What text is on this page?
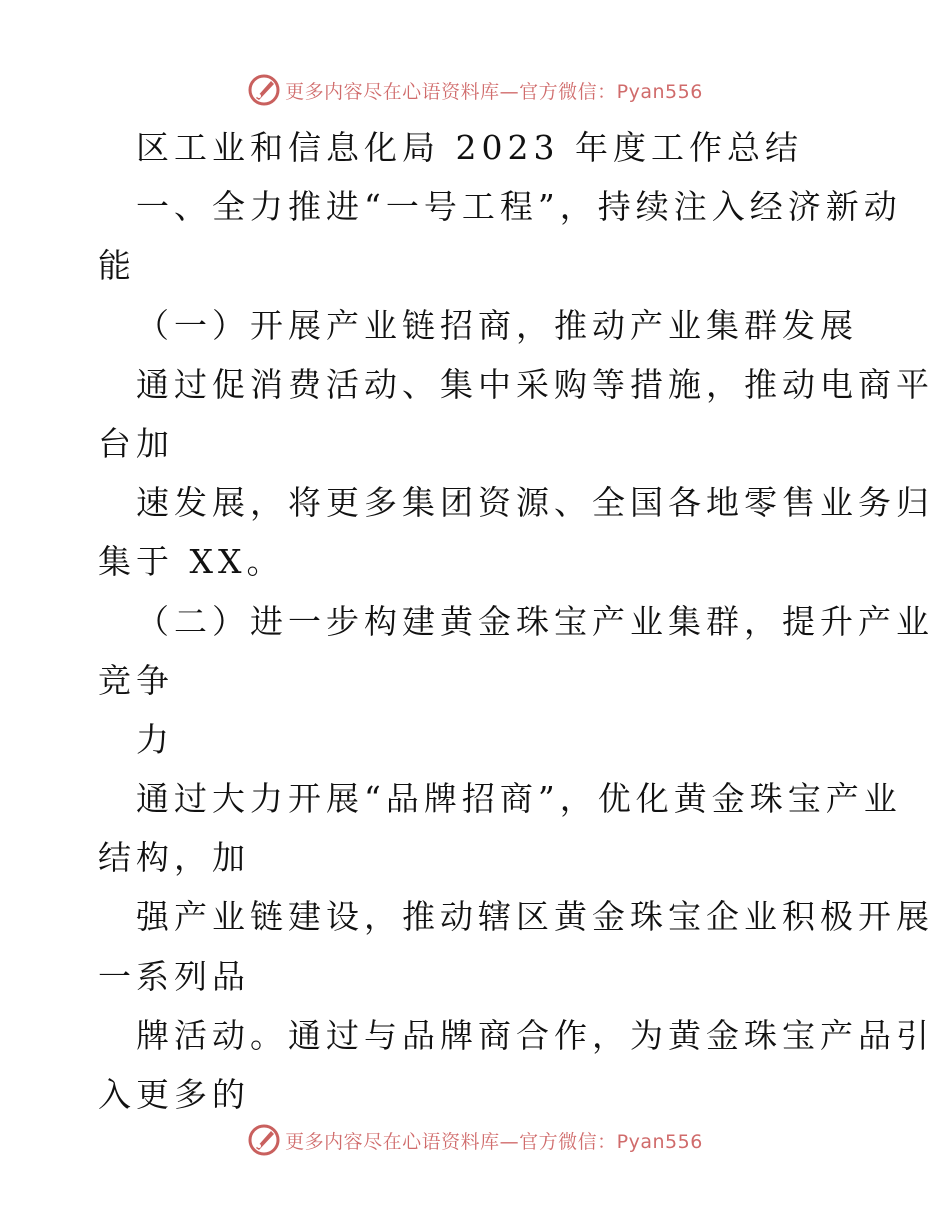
更多内容尽在心语资料库—官方微信：Pyan556
区工业和信息化局 2023 年度工作总结
一、全力推进“一号工程”，持续注入经济新动
能
（一）开展产业链招商，推动产业集群发展
通过促消费活动、集中采购等措施，推动电商平
台加
速发展，将更多集团资源、全国各地零售业务归
集于 XX。
（二）进一步构建黄金珠宝产业集群，提升产业
竞争
力
通过大力开展“品牌招商”，优化黄金珠宝产业
结构，加
强产业链建设，推动辖区黄金珠宝企业积极开展
一系列品
牌活动。通过与品牌商合作，为黄金珠宝产品引
入更多的
更多内容尽在心语资料库—官方微信：Pyan556
